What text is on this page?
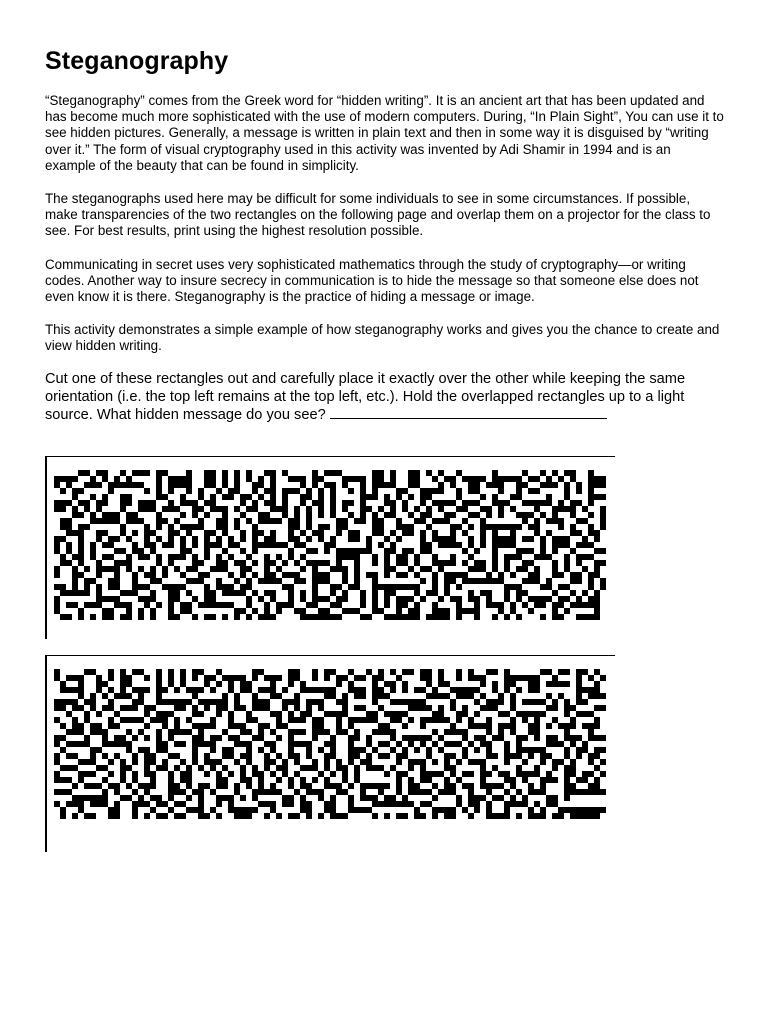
Steganography

“Steganography” comes from the Greek word for “hidden writing”. It is an ancient art that has been updated and has become much more sophisticated with the use of modern computers. During, “In Plain Sight”, You can use it to see hidden pictures. Generally, a message is written in plain text and then in some way it is disguised by “writing over it.” The form of visual cryptography used in this activity was invented by Adi Shamir in 1994 and is an example of the beauty that can be found in simplicity.

The steganographs used here may be difficult for some individuals to see in some circumstances. If possible, make transparencies of the two rectangles on the following page and overlap them on a projector for the class to see. For best results, print using the highest resolution possible.

Communicating in secret uses very sophisticated mathematics through the study of cryptography—or writing codes. Another way to insure secrecy in communication is to hide the message so that someone else does not even know it is there. Steganography is the practice of hiding a message or image.

This activity demonstrates a simple example of how steganography works and gives you the chance to create and view hidden writing.

Cut one of these rectangles out and carefully place it exactly over the other while keeping the same orientation (i.e. the top left remains at the top left, etc.). Hold the overlapped rectangles up to a light source. What hidden message do you see?
